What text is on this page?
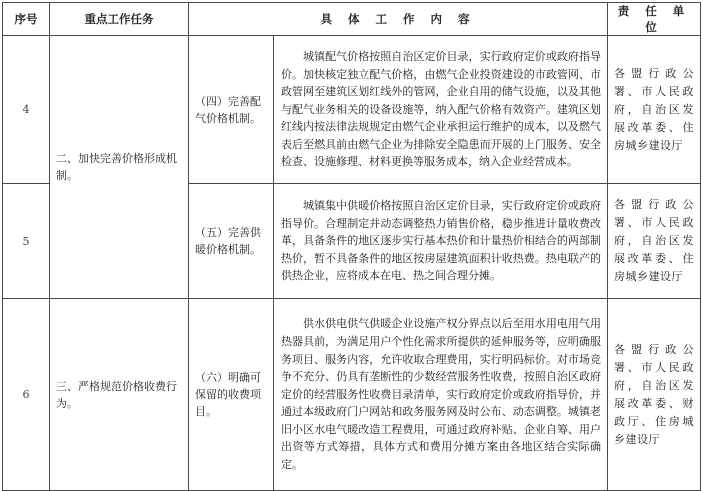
序号	重点工作任务	具 体 工 作 内 容		责 任 单 位
4	二、加快完善价格形成机制。	（四）完善配气价格机制。	城镇配气价格按照自治区定价目录，实行政府定价或政府指导价。加快核定独立配气价格，由燃气企业投资建设的市政管网、市政管网至建筑区划红线外的管网，企业自用的储气设施，以及其他与配气业务相关的设备设施等，纳入配气价格有效资产。建筑区划红线内按法律法规规定由燃气企业承担运行维护的成本，以及燃气表后至燃具前由燃气企业为排除安全隐患而开展的上门服务、安全检查、设施修理、材料更换等服务成本，纳入企业经营成本。	各盟行政公署、市人民政府，自治区发展改革委、住房城乡建设厅
5		（五）完善供暖价格机制。	城镇集中供暖价格按照自治区定价目录，实行政府定价或政府指导价。合理制定并动态调整热力销售价格，稳步推进计量收费改革，具备条件的地区逐步实行基本热价和计量热价相结合的两部制热价，暂不具备条件的地区按房屋建筑面积计收热费。热电联产的供热企业，应将成本在电、热之间合理分摊。	各盟行政公署、市人民政府，自治区发展改革委、住房城乡建设厅
6	三、严格规范价格收费行为。	（六）明确可保留的收费项目。	供水供电供气供暖企业设施产权分界点以后至用水用电用气用热器具前，为满足用户个性化需求所提供的延伸服务等，应明确服务项目、服务内容，允许收取合理费用，实行明码标价。对市场竞争不充分、仍具有垄断性的少数经营服务性收费，按照自治区政府定价的经营服务性收费目录清单，实行政府定价或政府指导价，并通过本级政府门户网站和政务服务网及时公布、动态调整。城镇老旧小区水电气暖改造工程费用，可通过政府补贴、企业自筹、用户出资等方式筹措，具体方式和费用分摊方案由各地区结合实际确定。	各盟行政公署、市人民政府，自治区发展改革委、财政厅、住房城乡建设厅
